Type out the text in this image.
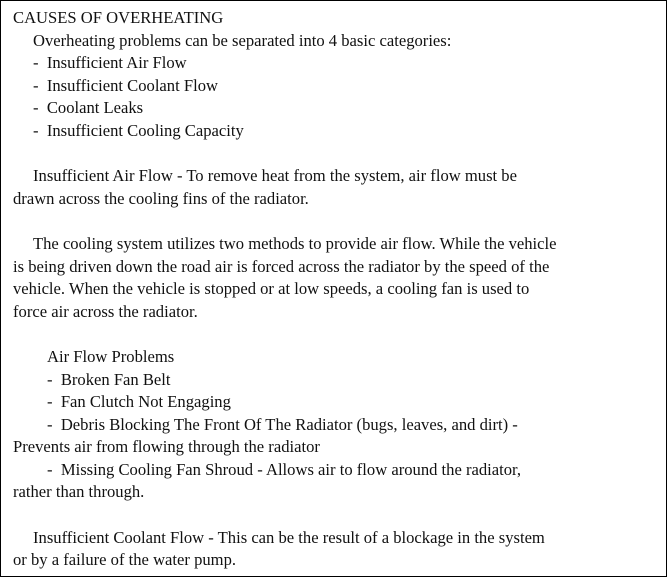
CAUSES OF OVERHEATING
Overheating problems can be separated into 4 basic categories:
-  Insufficient Air Flow
-  Insufficient Coolant Flow
-  Coolant Leaks
-  Insufficient Cooling Capacity
Insufficient Air Flow - To remove heat from the system, air flow must be
drawn across the cooling fins of the radiator.
The cooling system utilizes two methods to provide air flow. While the vehicle
is being driven down the road air is forced across the radiator by the speed of the
vehicle. When the vehicle is stopped or at low speeds, a cooling fan is used to
force air across the radiator.
Air Flow Problems
-  Broken Fan Belt
-  Fan Clutch Not Engaging
-  Debris Blocking The Front Of The Radiator (bugs, leaves, and dirt) -
Prevents air from flowing through the radiator
-  Missing Cooling Fan Shroud - Allows air to flow around the radiator,
rather than through.
Insufficient Coolant Flow - This can be the result of a blockage in the system
or by a failure of the water pump.
